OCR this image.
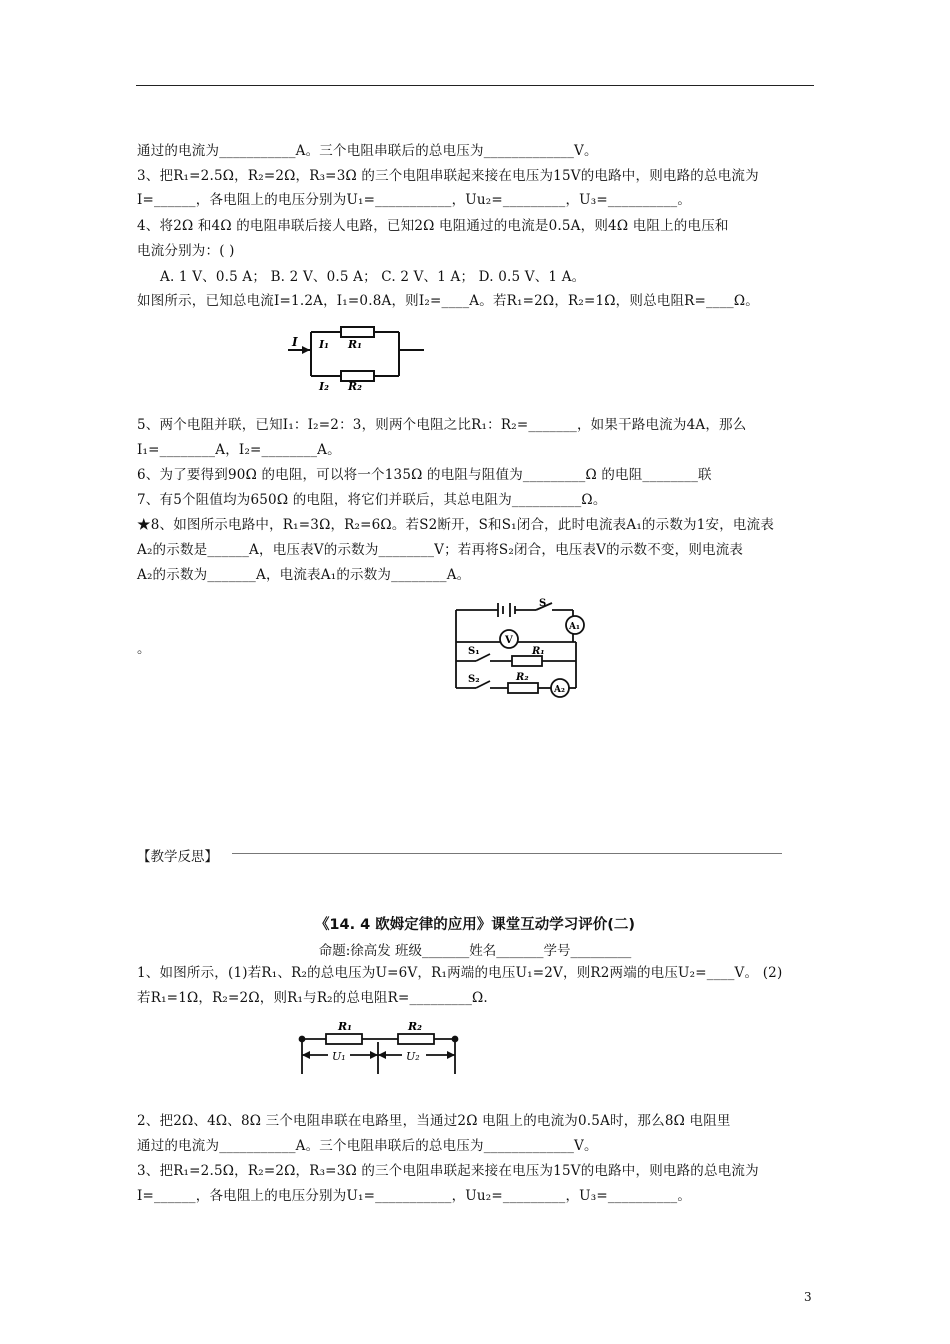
通过的电流为___________A。三个电阻串联后的总电压为_____________V。
3、把R₁=2.5Ω，R₂=2Ω，R₃=3Ω 的三个电阻串联起来接在电压为15V的电路中，则电路的总电流为
I=______，各电阻上的电压分别为U₁=___________，Uu₂=_________，U₃=__________。
4、将2Ω 和4Ω 的电阻串联后接人电路，已知2Ω 电阻通过的电流是0.5A，则4Ω 电阻上的电压和
电流分别为：( )
A. 1 V、0.5 A； B. 2 V、0.5 A； C. 2 V、1 A； D. 0.5 V、1 A。
如图所示，已知总电流I=1.2A，I₁=0.8A，则I₂=____A。若R₁=2Ω，R₂=1Ω，则总电阻R=____Ω。
I I₁ R₁
I₂ R₂
5、两个电阻并联，已知I₁：I₂=2：3，则两个电阻之比R₁：R₂=_______，如果干路电流为4A，那么
I₁=________A，I₂=________A。
6、为了要得到90Ω 的电阻，可以将一个135Ω 的电阻与阻值为_________Ω 的电阻________联
7、有5个阻值均为650Ω 的电阻，将它们并联后，其总电阻为__________Ω。
★8、如图所示电路中，R₁=3Ω，R₂=6Ω。若S2断开，S和S₁闭合，此时电流表A₁的示数为1安，电流表
A₂的示数是______A，电压表V的示数为________V；若再将S₂闭合，电压表V的示数不变，则电流表
A₂的示数为_______A，电流表A₁的示数为________A。
。
S
A₁
V
S₁	R₁
S₂	R₂
A₂
【教学反思】
《14. 4 欧姆定律的应用》课堂互动学习评价(二)
命题:徐高发 班级_______姓名_______学号_________
1、如图所示，(1)若R₁、R₂的总电压为U=6V，R₁两端的电压U₁=2V，则R2两端的电压U₂=____V。 (2)
若R₁=1Ω，R₂=2Ω，则R₁与R₂的总电阻R=_________Ω.
R₁	R₂
U₁	U₂
2、把2Ω、4Ω、8Ω 三个电阻串联在电路里，当通过2Ω 电阻上的电流为0.5A时，那么8Ω 电阻里
通过的电流为___________A。三个电阻串联后的总电压为_____________V。
3、把R₁=2.5Ω，R₂=2Ω，R₃=3Ω 的三个电阻串联起来接在电压为15V的电路中，则电路的总电流为
I=______，各电阻上的电压分别为U₁=___________，Uu₂=_________，U₃=__________。
3
